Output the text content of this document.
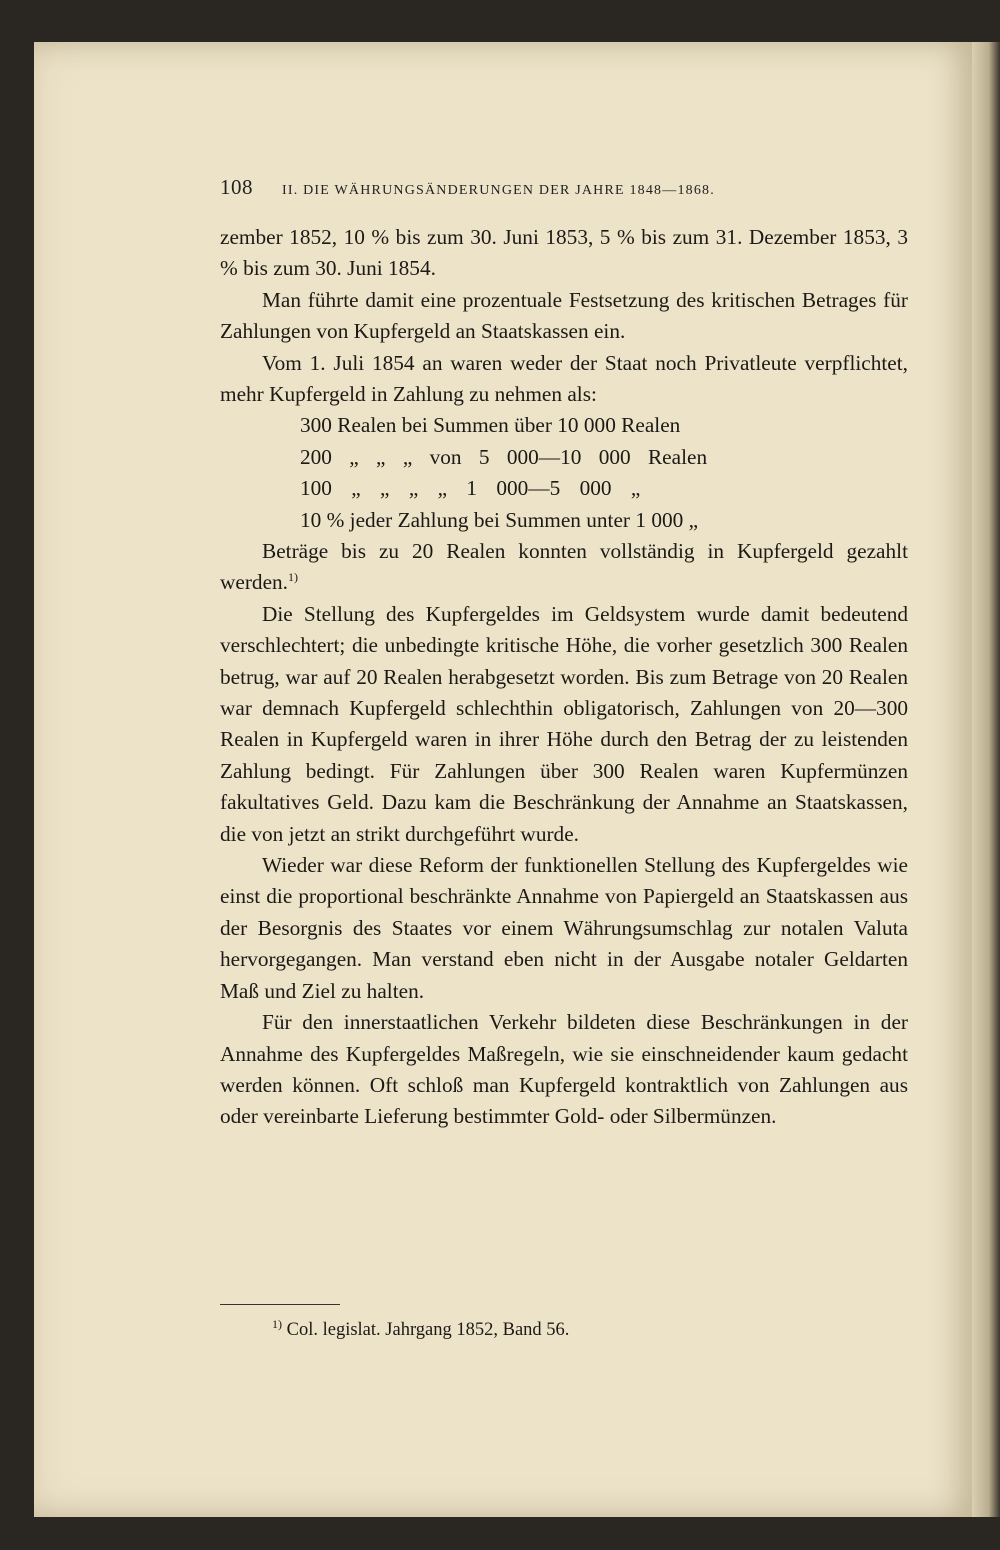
108 II. DIE WÄHRUNGSÄNDERUNGEN DER JAHRE 1848—1868.

zember 1852, 10 % bis zum 30. Juni 1853, 5 % bis zum 31. Dezember 1853, 3 % bis zum 30. Juni 1854.

Man führte damit eine prozentuale Festsetzung des kritischen Betrages für Zahlungen von Kupfergeld an Staatskassen ein.

Vom 1. Juli 1854 an waren weder der Staat noch Privatleute verpflichtet, mehr Kupfergeld in Zahlung zu nehmen als:

300 Realen bei Summen über 10 000 Realen
200 „ „ „ von 5 000—10 000 Realen
100 „ „ „ „ 1 000—5 000 „
10 % jeder Zahlung bei Summen unter 1 000 „

Beträge bis zu 20 Realen konnten vollständig in Kupfergeld gezahlt werden.$^{1)}$

Die Stellung des Kupfergeldes im Geldsystem wurde damit bedeutend verschlechtert; die unbedingte kritische Höhe, die vorher gesetzlich 300 Realen betrug, war auf 20 Realen herabgesetzt worden. Bis zum Betrage von 20 Realen war demnach Kupfergeld schlechthin obligatorisch, Zahlungen von 20—300 Realen in Kupfergeld waren in ihrer Höhe durch den Betrag der zu leistenden Zahlung bedingt. Für Zahlungen über 300 Realen waren Kupfermünzen fakultatives Geld. Dazu kam die Beschränkung der Annahme an Staatskassen, die von jetzt an strikt durchgeführt wurde.

Wieder war diese Reform der funktionellen Stellung des Kupfergeldes wie einst die proportional beschränkte Annahme von Papiergeld an Staatskassen aus der Besorgnis des Staates vor einem Währungsumschlag zur notalen Valuta hervorgegangen. Man verstand eben nicht in der Ausgabe notaler Geldarten Maß und Ziel zu halten.

Für den innerstaatlichen Verkehr bildeten diese Beschränkungen in der Annahme des Kupfergeldes Maßregeln, wie sie einschneidender kaum gedacht werden können. Oft schloß man Kupfergeld kontraktlich von Zahlungen aus oder vereinbarte Lieferung bestimmter Gold- oder Silbermünzen.

$^{1)}$ Col. legislat. Jahrgang 1852, Band 56.
